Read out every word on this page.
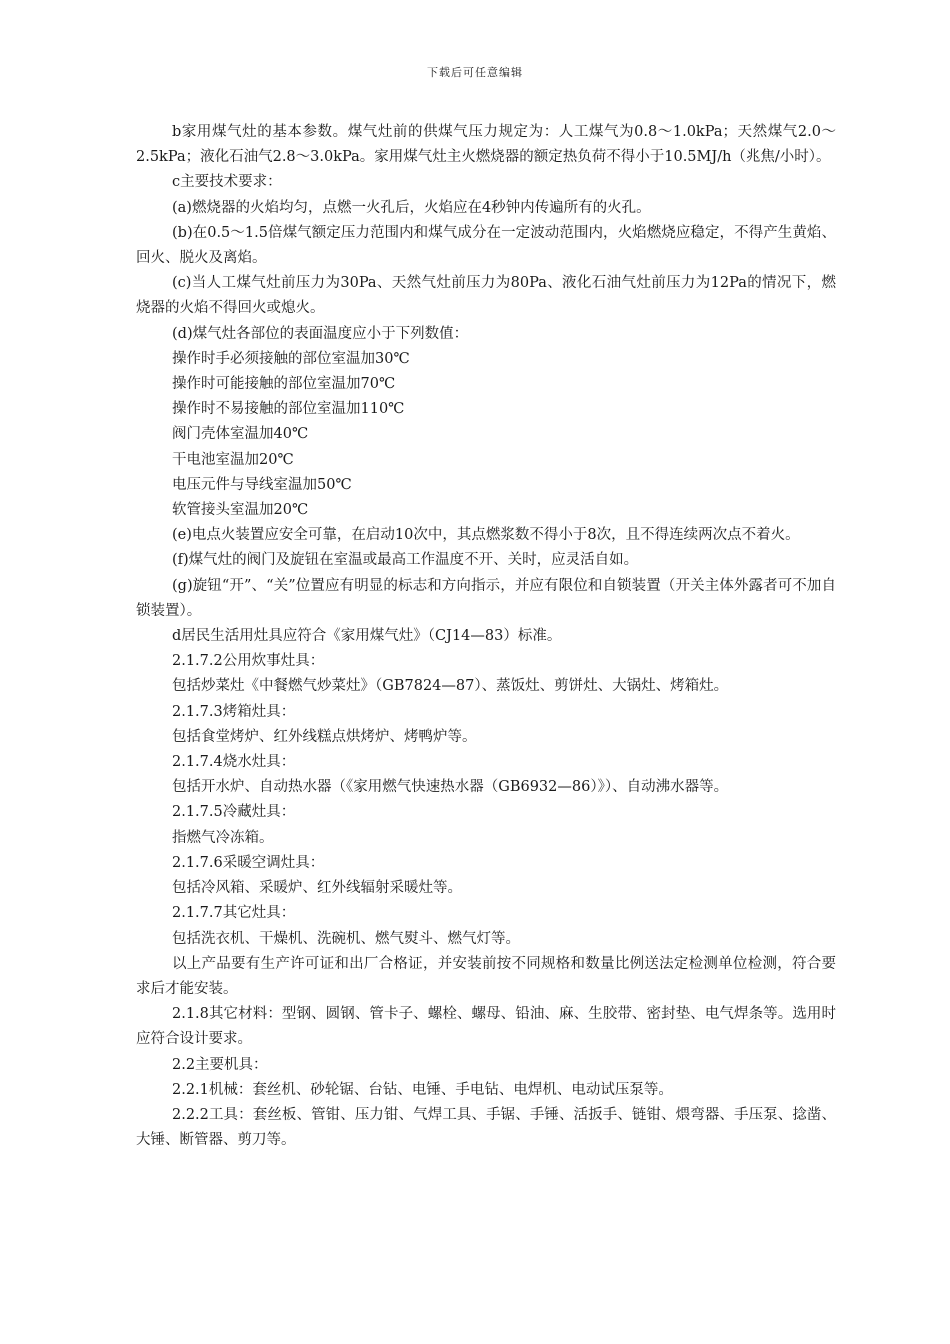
下载后可任意编辑

b家用煤气灶的基本参数。煤气灶前的供煤气压力规定为：人工煤气为0.8～1.0kPa；天然煤气2.0～2.5kPa；液化石油气2.8～3.0kPa。家用煤气灶主火燃烧器的额定热负荷不得小于10.5MJ/h（兆焦/小时）。

c主要技术要求：

(a)燃烧器的火焰均匀，点燃一火孔后，火焰应在4秒钟内传遍所有的火孔。

(b)在0.5～1.5倍煤气额定压力范围内和煤气成分在一定波动范围内，火焰燃烧应稳定，不得产生黄焰、回火、脱火及离焰。

(c)当人工煤气灶前压力为30Pa、天然气灶前压力为80Pa、液化石油气灶前压力为12Pa的情况下，燃烧器的火焰不得回火或熄火。

(d)煤气灶各部位的表面温度应小于下列数值：

操作时手必须接触的部位室温加30℃

操作时可能接触的部位室温加70℃

操作时不易接触的部位室温加110℃

阀门壳体室温加40℃

干电池室温加20℃

电压元件与导线室温加50℃

软管接头室温加20℃

(e)电点火装置应安全可靠，在启动10次中，其点燃浆数不得小于8次，且不得连续两次点不着火。

(f)煤气灶的阀门及旋钮在室温或最高工作温度不开、关时，应灵活自如。

(g)旋钮“开”、“关”位置应有明显的标志和方向指示，并应有限位和自锁装置（开关主体外露者可不加自锁装置）。

d居民生活用灶具应符合《家用煤气灶》（CJ14—83）标准。

2.1.7.2公用炊事灶具：

包括炒菜灶《中餐燃气炒菜灶》（GB7824—87）、蒸饭灶、剪饼灶、大锅灶、烤箱灶。

2.1.7.3烤箱灶具：

包括食堂烤炉、红外线糕点烘烤炉、烤鸭炉等。

2.1.7.4烧水灶具：

包括开水炉、自动热水器（《家用燃气快速热水器（GB6932—86）》）、自动沸水器等。

2.1.7.5冷藏灶具：

指燃气冷冻箱。

2.1.7.6采暖空调灶具：

包括冷风箱、采暖炉、红外线辐射采暖灶等。

2.1.7.7其它灶具：

包括洗衣机、干燥机、洗碗机、燃气熨斗、燃气灯等。

以上产品要有生产许可证和出厂合格证，并安装前按不同规格和数量比例送法定检测单位检测，符合要求后才能安装。

2.1.8其它材料：型钢、圆钢、管卡子、螺栓、螺母、铅油、麻、生胶带、密封垫、电气焊条等。选用时应符合设计要求。

2.2主要机具：

2.2.1机械：套丝机、砂轮锯、台钻、电锤、手电钻、电焊机、电动试压泵等。

2.2.2工具：套丝板、管钳、压力钳、气焊工具、手锯、手锤、活扳手、链钳、煨弯器、手压泵、捻凿、大锤、断管器、剪刀等。
